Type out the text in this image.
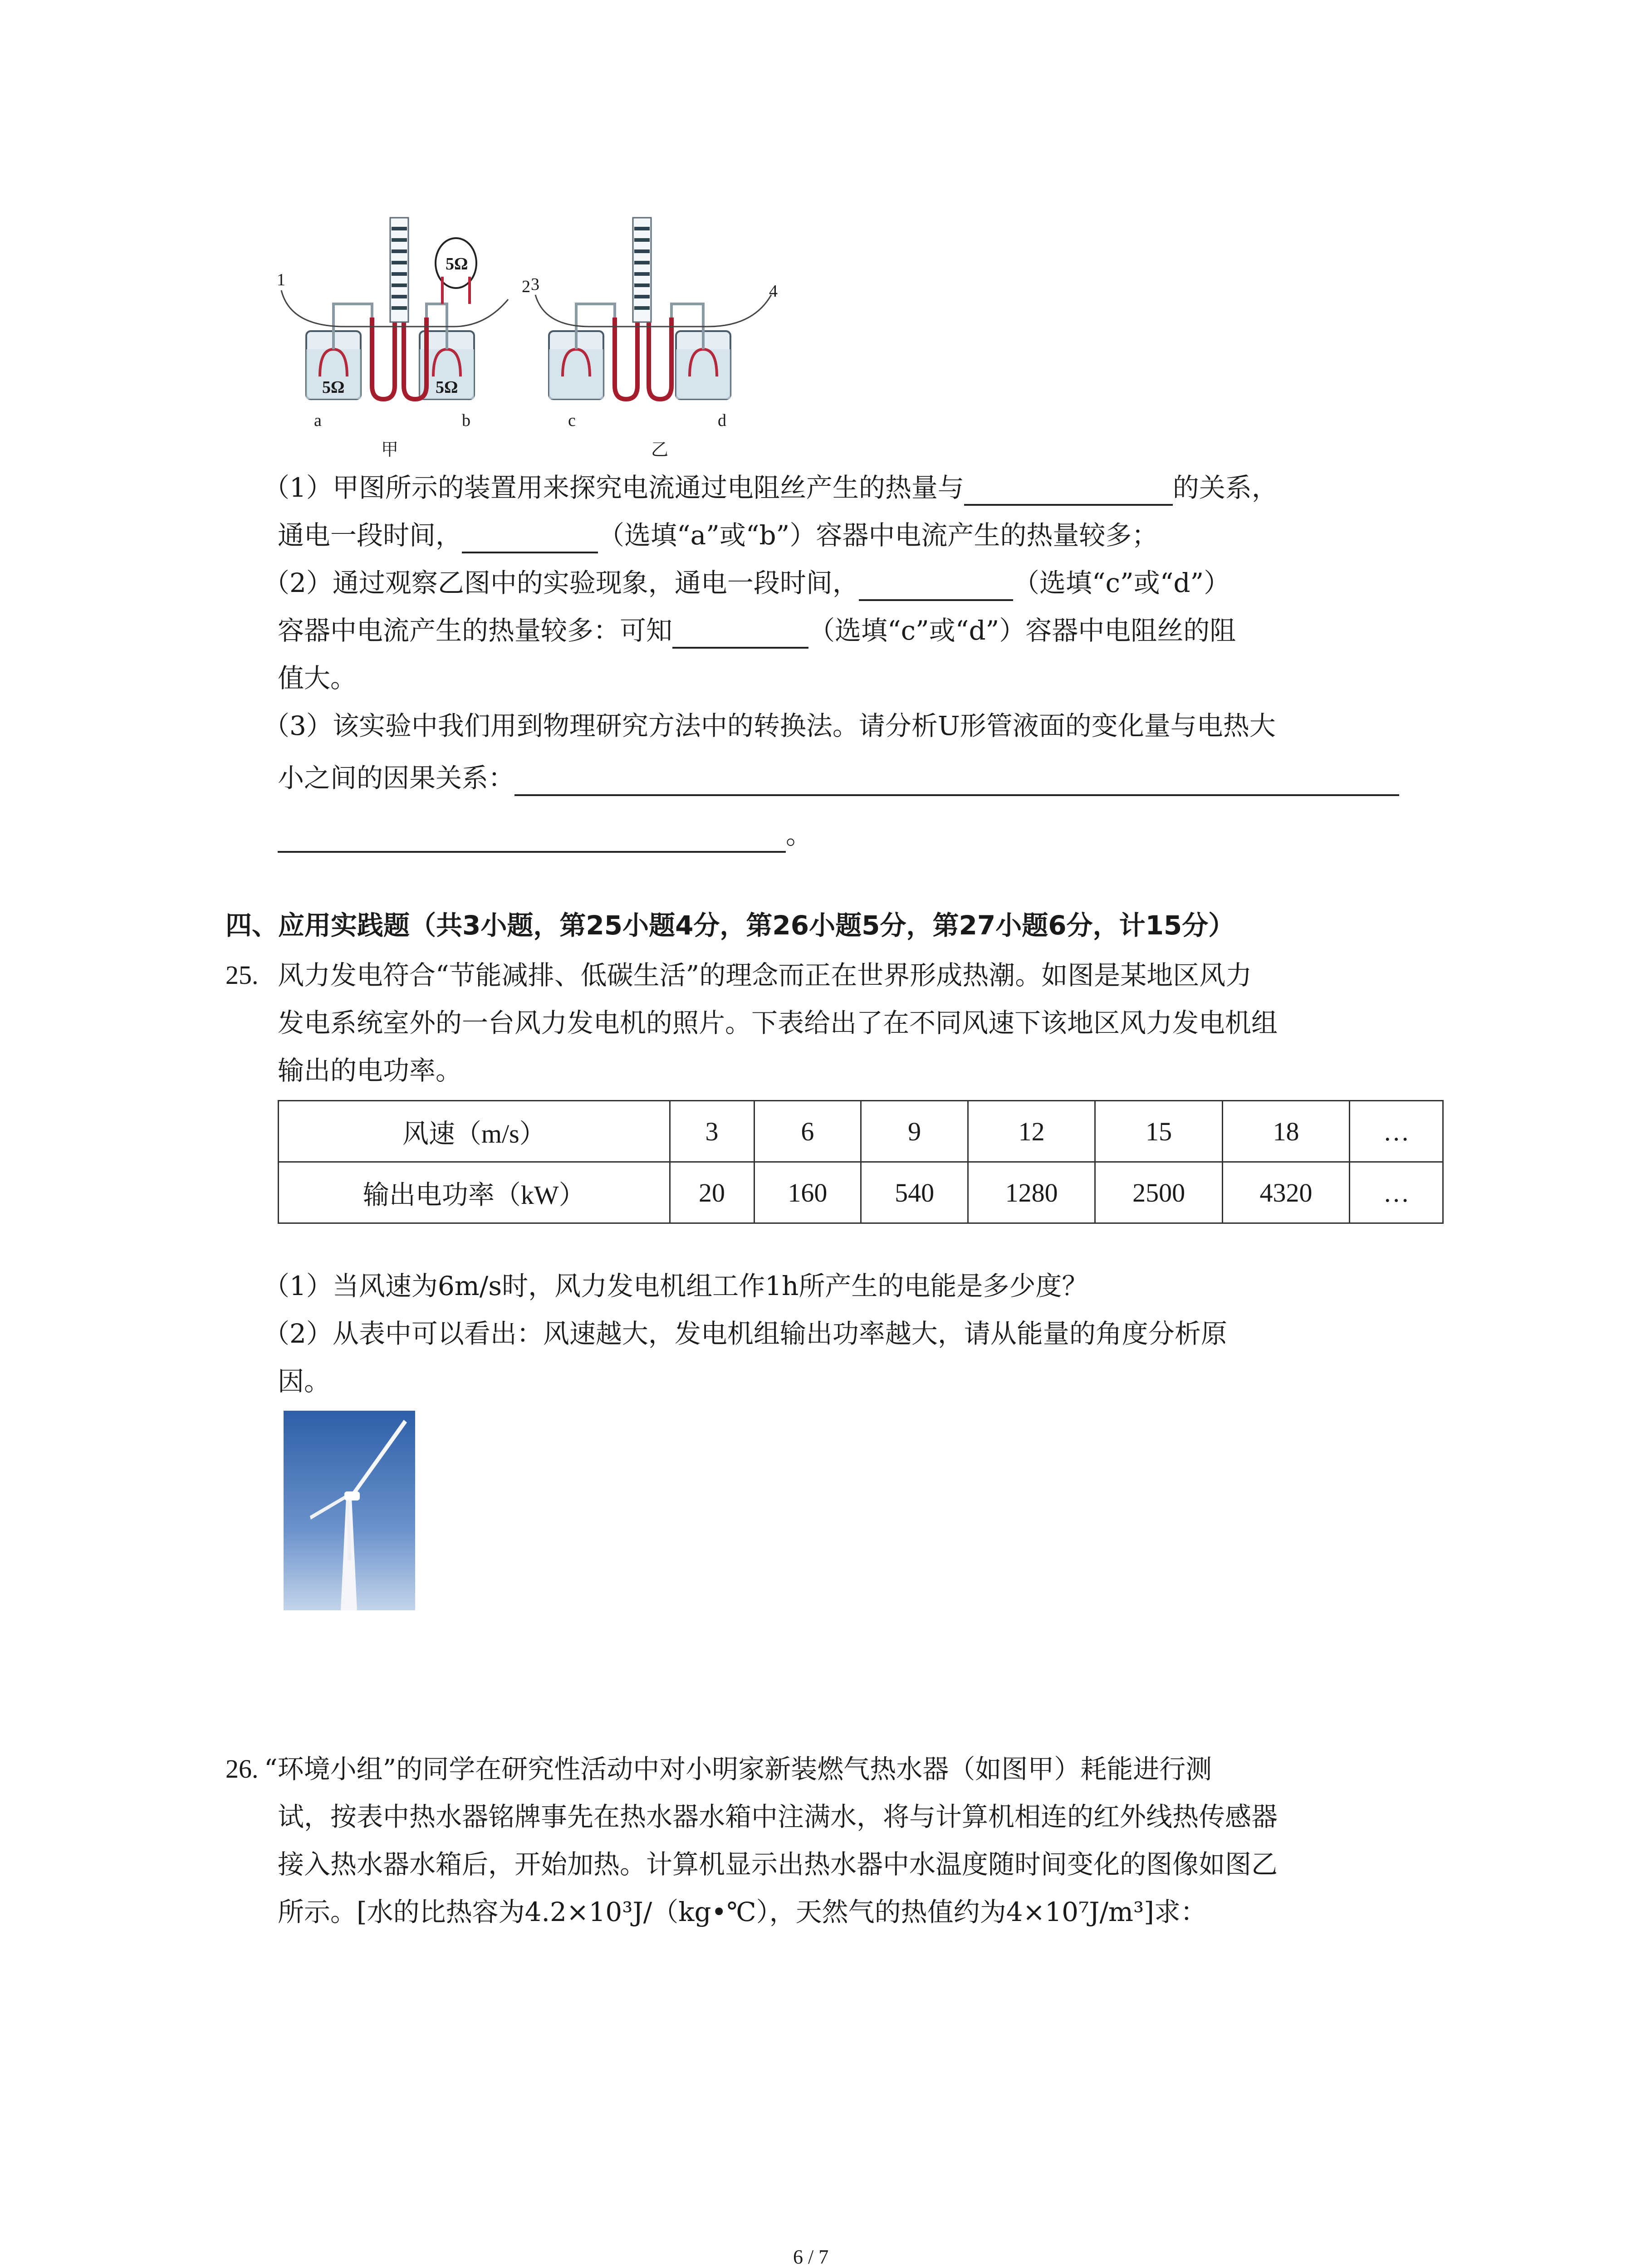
1	2 3	4
5Ω
5Ω	5Ω
a	b	c	d
甲	乙
（1）甲图所示的装置用来探究电流通过电阻丝产生的热量与	的关系，
通电一段时间，	（选填“a”或“b”）容器中电流产生的热量较多；
（2）通过观察乙图中的实验现象，通电一段时间，	（选填“c”或“d”）
容器中电流产生的热量较多：可知	（选填“c”或“d”）容器中电阻丝的阻
值大。
（3）该实验中我们用到物理研究方法中的转换法。请分析U形管液面的变化量与电热大
小之间的因果关系：
。
四、应用实践题（共3小题，第25小题4分，第26小题5分，第27小题6分，计15分）
25. 风力发电符合“节能减排、低碳生活”的理念而正在世界形成热潮。如图是某地区风力
发电系统室外的一台风力发电机的照片。下表给出了在不同风速下该地区风力发电机组
输出的电功率。
风速（m/s）	3	6	9	12	15	18	…
输出电功率（kW）	20	160	540	1280	2500	4320	…
（1）当风速为6m/s时，风力发电机组工作1h所产生的电能是多少度？
（2）从表中可以看出：风速越大，发电机组输出功率越大，请从能量的角度分析原
因。
26. “环境小组”的同学在研究性活动中对小明家新装燃气热水器（如图甲）耗能进行测
试，按表中热水器铭牌事先在热水器水箱中注满水，将与计算机相连的红外线热传感器
接入热水器水箱后，开始加热。计算机显示出热水器中水温度随时间变化的图像如图乙
所示。[水的比热容为4.2×10³J/（kg•℃），天然气的热值约为4×10⁷J/m³]求：
6 / 7
